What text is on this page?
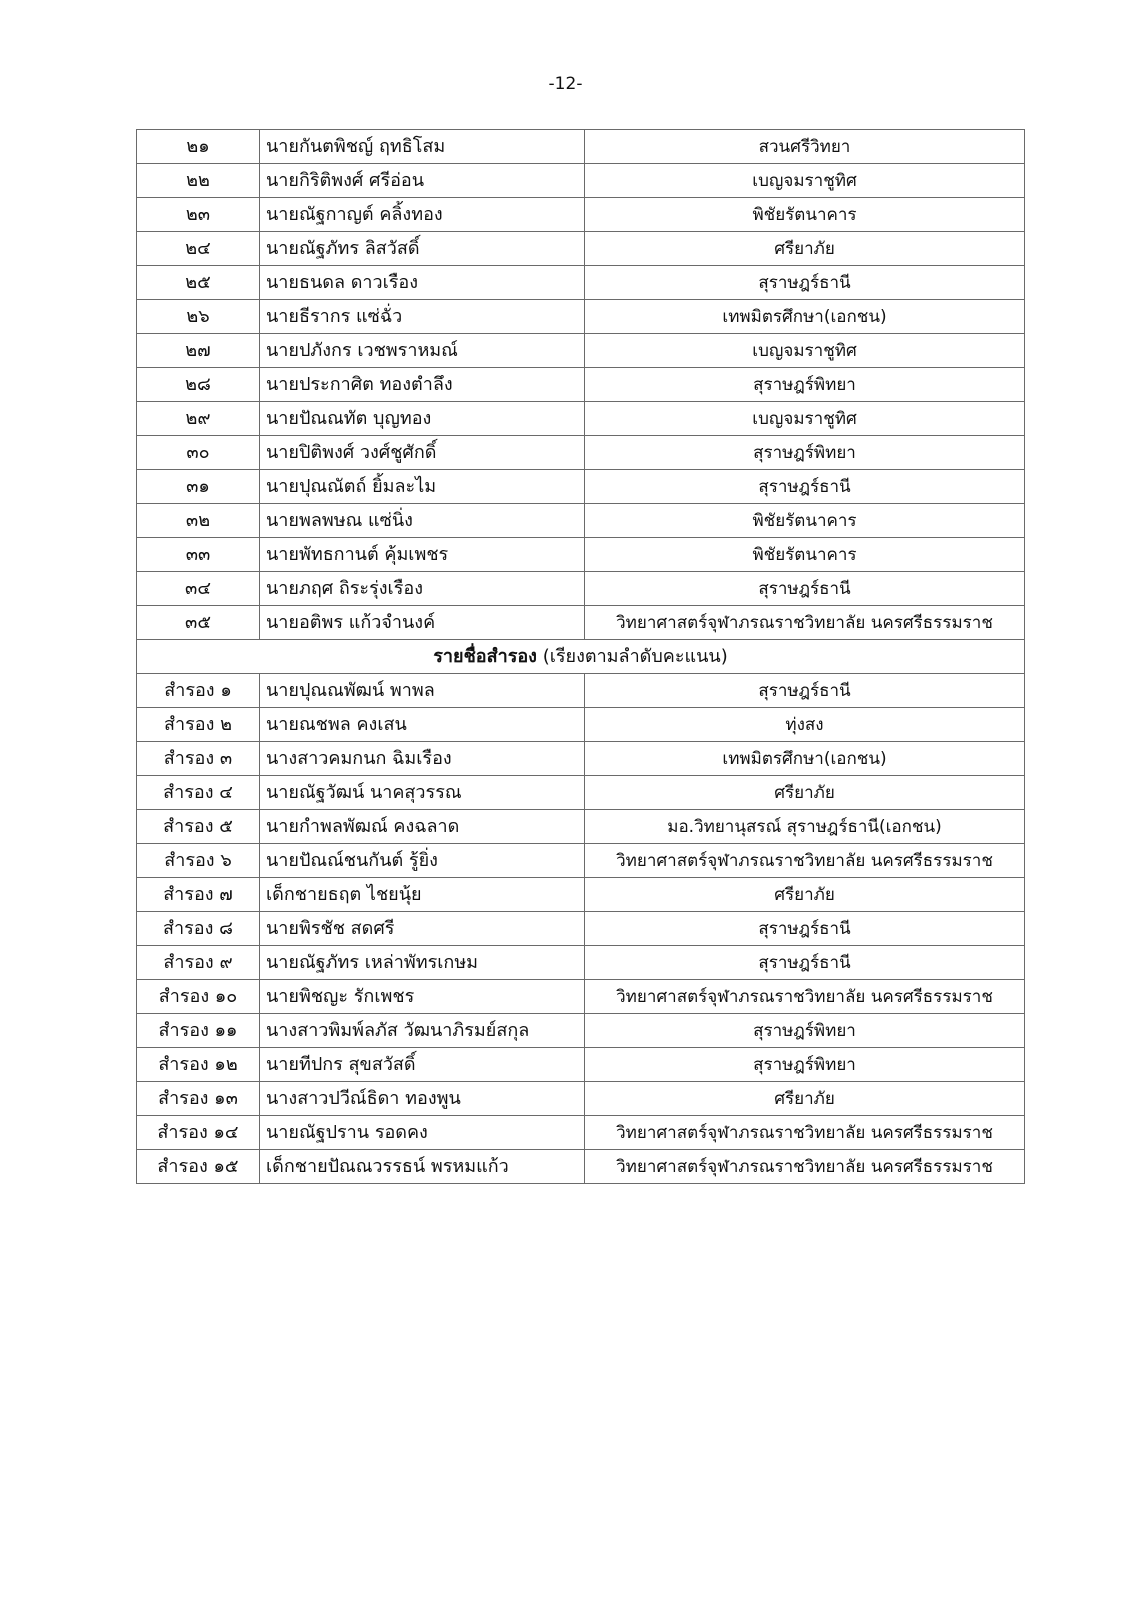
-12-
๒๑	นายกันตพิชญ์ ฤทธิโสม	สวนศรีวิทยา
๒๒	นายกิริติพงศ์ ศรีอ่อน	เบญจมราชูทิศ
๒๓	นายณัฐกาญต์ คลิ้งทอง	พิชัยรัตนาคาร
๒๔	นายณัฐภัทร ลิสวัสดิ์	ศรียาภัย
๒๕	นายธนดล ดาวเรือง	สุราษฎร์ธานี
๒๖	นายธีรากร แซ่ฉั่ว	เทพมิตรศึกษา(เอกชน)
๒๗	นายปภังกร เวชพราหมณ์	เบญจมราชูทิศ
๒๘	นายประกาศิต ทองตำลึง	สุราษฎร์พิทยา
๒๙	นายปัณณทัต บุญทอง	เบญจมราชูทิศ
๓๐	นายปิติพงศ์ วงศ์ชูศักดิ์	สุราษฎร์พิทยา
๓๑	นายปุณณัตถ์ ยิ้มละไม	สุราษฎร์ธานี
๓๒	นายพลพษณ แซ่นิ่ง	พิชัยรัตนาคาร
๓๓	นายพัทธกานต์ คุ้มเพชร	พิชัยรัตนาคาร
๓๔	นายภฤศ ถิระรุ่งเรือง	สุราษฎร์ธานี
๓๕	นายอติพร แก้วจำนงค์	วิทยาศาสตร์จุฬาภรณราชวิทยาลัย นครศรีธรรมราช
รายชื่อสำรอง (เรียงตามลำดับคะแนน)		
สำรอง ๑	นายปุณณพัฒน์ พาพล	สุราษฎร์ธานี
สำรอง ๒	นายณชพล คงเสน	ทุ่งสง
สำรอง ๓	นางสาวคมกนก ฉิมเรือง	เทพมิตรศึกษา(เอกชน)
สำรอง ๔	นายณัฐวัฒน์ นาคสุวรรณ	ศรียาภัย
สำรอง ๕	นายกำพลพัฒณ์ คงฉลาด	มอ.วิทยานุสรณ์ สุราษฎร์ธานี(เอกชน)
สำรอง ๖	นายปัณณ์ชนกันต์ รู้ยิ่ง	วิทยาศาสตร์จุฬาภรณราชวิทยาลัย นครศรีธรรมราช
สำรอง ๗	เด็กชายธฤต ไชยนุ้ย	ศรียาภัย
สำรอง ๘	นายพิรชัช สดศรี	สุราษฎร์ธานี
สำรอง ๙	นายณัฐภัทร เหล่าพัทรเกษม	สุราษฎร์ธานี
สำรอง ๑๐	นายพิชญะ รักเพชร	วิทยาศาสตร์จุฬาภรณราชวิทยาลัย นครศรีธรรมราช
สำรอง ๑๑	นางสาวพิมพ์ลภัส วัฒนาภิรมย์สกุล	สุราษฎร์พิทยา
สำรอง ๑๒	นายทีปกร สุขสวัสดิ์	สุราษฎร์พิทยา
สำรอง ๑๓	นางสาวปวีณ์ธิดา ทองพูน	ศรียาภัย
สำรอง ๑๔	นายณัฐปราน รอดคง	วิทยาศาสตร์จุฬาภรณราชวิทยาลัย นครศรีธรรมราช
สำรอง ๑๕	เด็กชายปัณณวรรธน์ พรหมแก้ว	วิทยาศาสตร์จุฬาภรณราชวิทยาลัย นครศรีธรรมราช
